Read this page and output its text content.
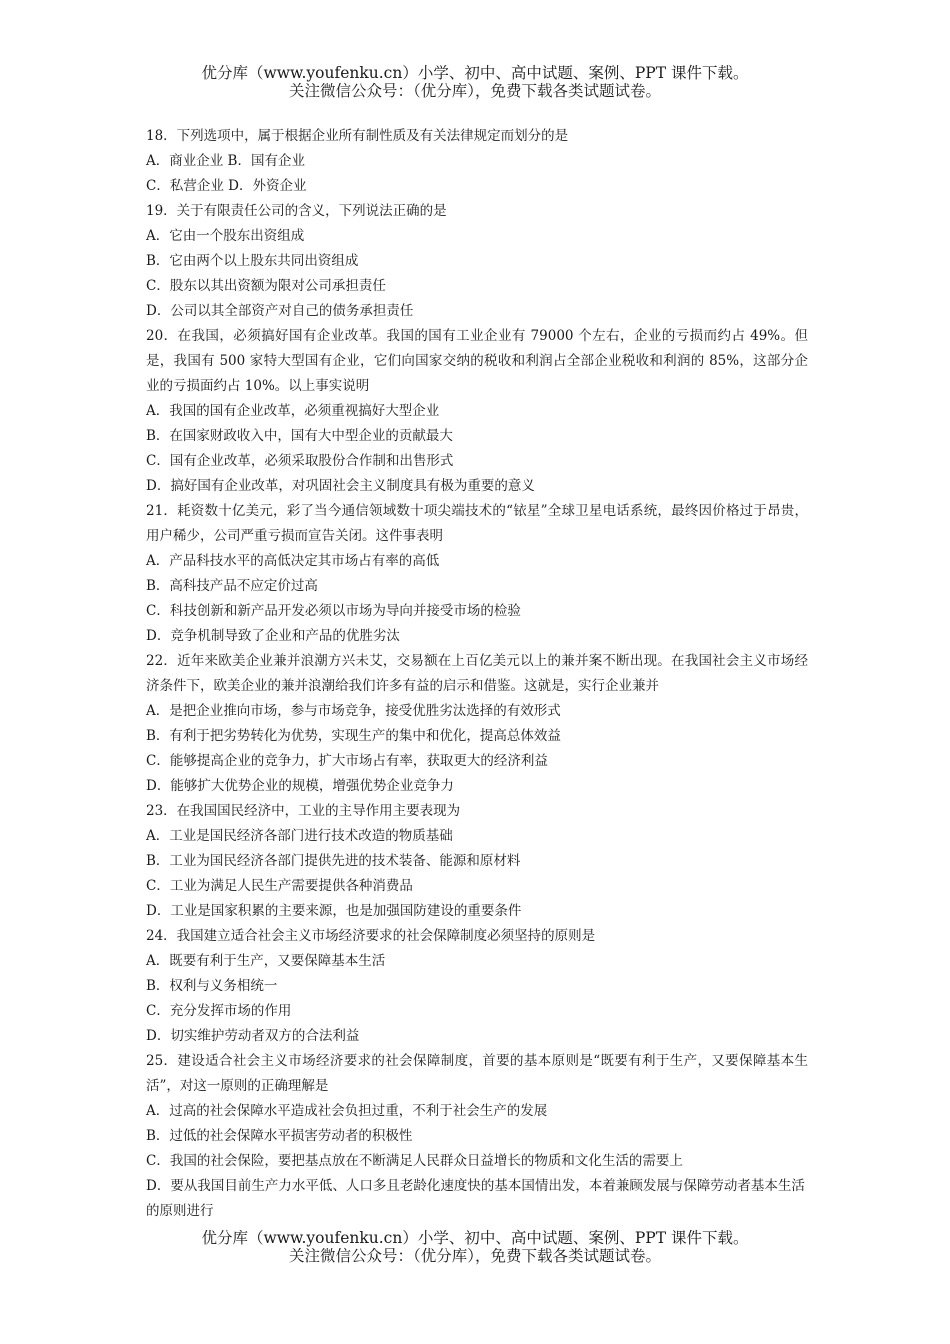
优分库（www.youfenku.cn）小学、初中、高中试题、案例、PPT 课件下载。
关注微信公众号：（优分库），免费下载各类试题试卷。

18．下列选项中，属于根据企业所有制性质及有关法律规定而划分的是

A．商业企业 B．国有企业

C．私营企业 D．外资企业

19．关于有限责任公司的含义，下列说法正确的是

A．它由一个股东出资组成

B．它由两个以上股东共同出资组成

C．股东以其出资额为限对公司承担责任

D．公司以其全部资产对自己的债务承担责任

20．在我国，必须搞好国有企业改革。我国的国有工业企业有 79000 个左右，企业的亏损而约占 49%。但是，我国有 500 家特大型国有企业，它们向国家交纳的税收和利润占全部企业税收和利润的 85%，这部分企业的亏损面约占 10%。以上事实说明

A．我国的国有企业改革，必须重视搞好大型企业

B．在国家财政收入中，国有大中型企业的贡献最大

C．国有企业改革，必须采取股份合作制和出售形式

D．搞好国有企业改革，对巩固社会主义制度具有极为重要的意义

21．耗资数十亿美元，彩了当今通信领域数十项尖端技术的“铱星”全球卫星电话系统，最终因价格过于昂贵，用户稀少，公司严重亏损而宣告关闭。这件事表明

A．产品科技水平的高低决定其市场占有率的高低

B．高科技产品不应定价过高

C．科技创新和新产品开发必须以市场为导向并接受市场的检验

D．竞争机制导致了企业和产品的优胜劣汰

22．近年来欧美企业兼并浪潮方兴未艾，交易额在上百亿美元以上的兼并案不断出现。在我国社会主义市场经济条件下，欧美企业的兼并浪潮给我们许多有益的启示和借鉴。这就是，实行企业兼并

A．是把企业推向市场，参与市场竞争，接受优胜劣汰选择的有效形式

B．有利于把劣势转化为优势，实现生产的集中和优化，提高总体效益

C．能够提高企业的竞争力，扩大市场占有率，获取更大的经济利益

D．能够扩大优势企业的规模，增强优势企业竞争力

23．在我国国民经济中，工业的主导作用主要表现为

A．工业是国民经济各部门进行技术改造的物质基础

B．工业为国民经济各部门提供先进的技术装备、能源和原材料

C．工业为满足人民生产需要提供各种消费品

D．工业是国家积累的主要来源，也是加强国防建设的重要条件

24．我国建立适合社会主义市场经济要求的社会保障制度必须坚持的原则是

A．既要有利于生产，又要保障基本生活

B．权利与义务相统一

C．充分发挥市场的作用

D．切实维护劳动者双方的合法利益

25．建设适合社会主义市场经济要求的社会保障制度，首要的基本原则是“既要有利于生产，又要保障基本生活”，对这一原则的正确理解是

A．过高的社会保障水平造成社会负担过重，不利于社会生产的发展

B．过低的社会保障水平损害劳动者的积极性

C．我国的社会保险，要把基点放在不断满足人民群众日益增长的物质和文化生活的需要上

D．要从我国目前生产力水平低、人口多且老龄化速度快的基本国情出发，本着兼顾发展与保障劳动者基本生活的原则进行

优分库（www.youfenku.cn）小学、初中、高中试题、案例、PPT 课件下载。
关注微信公众号：（优分库），免费下载各类试题试卷。
